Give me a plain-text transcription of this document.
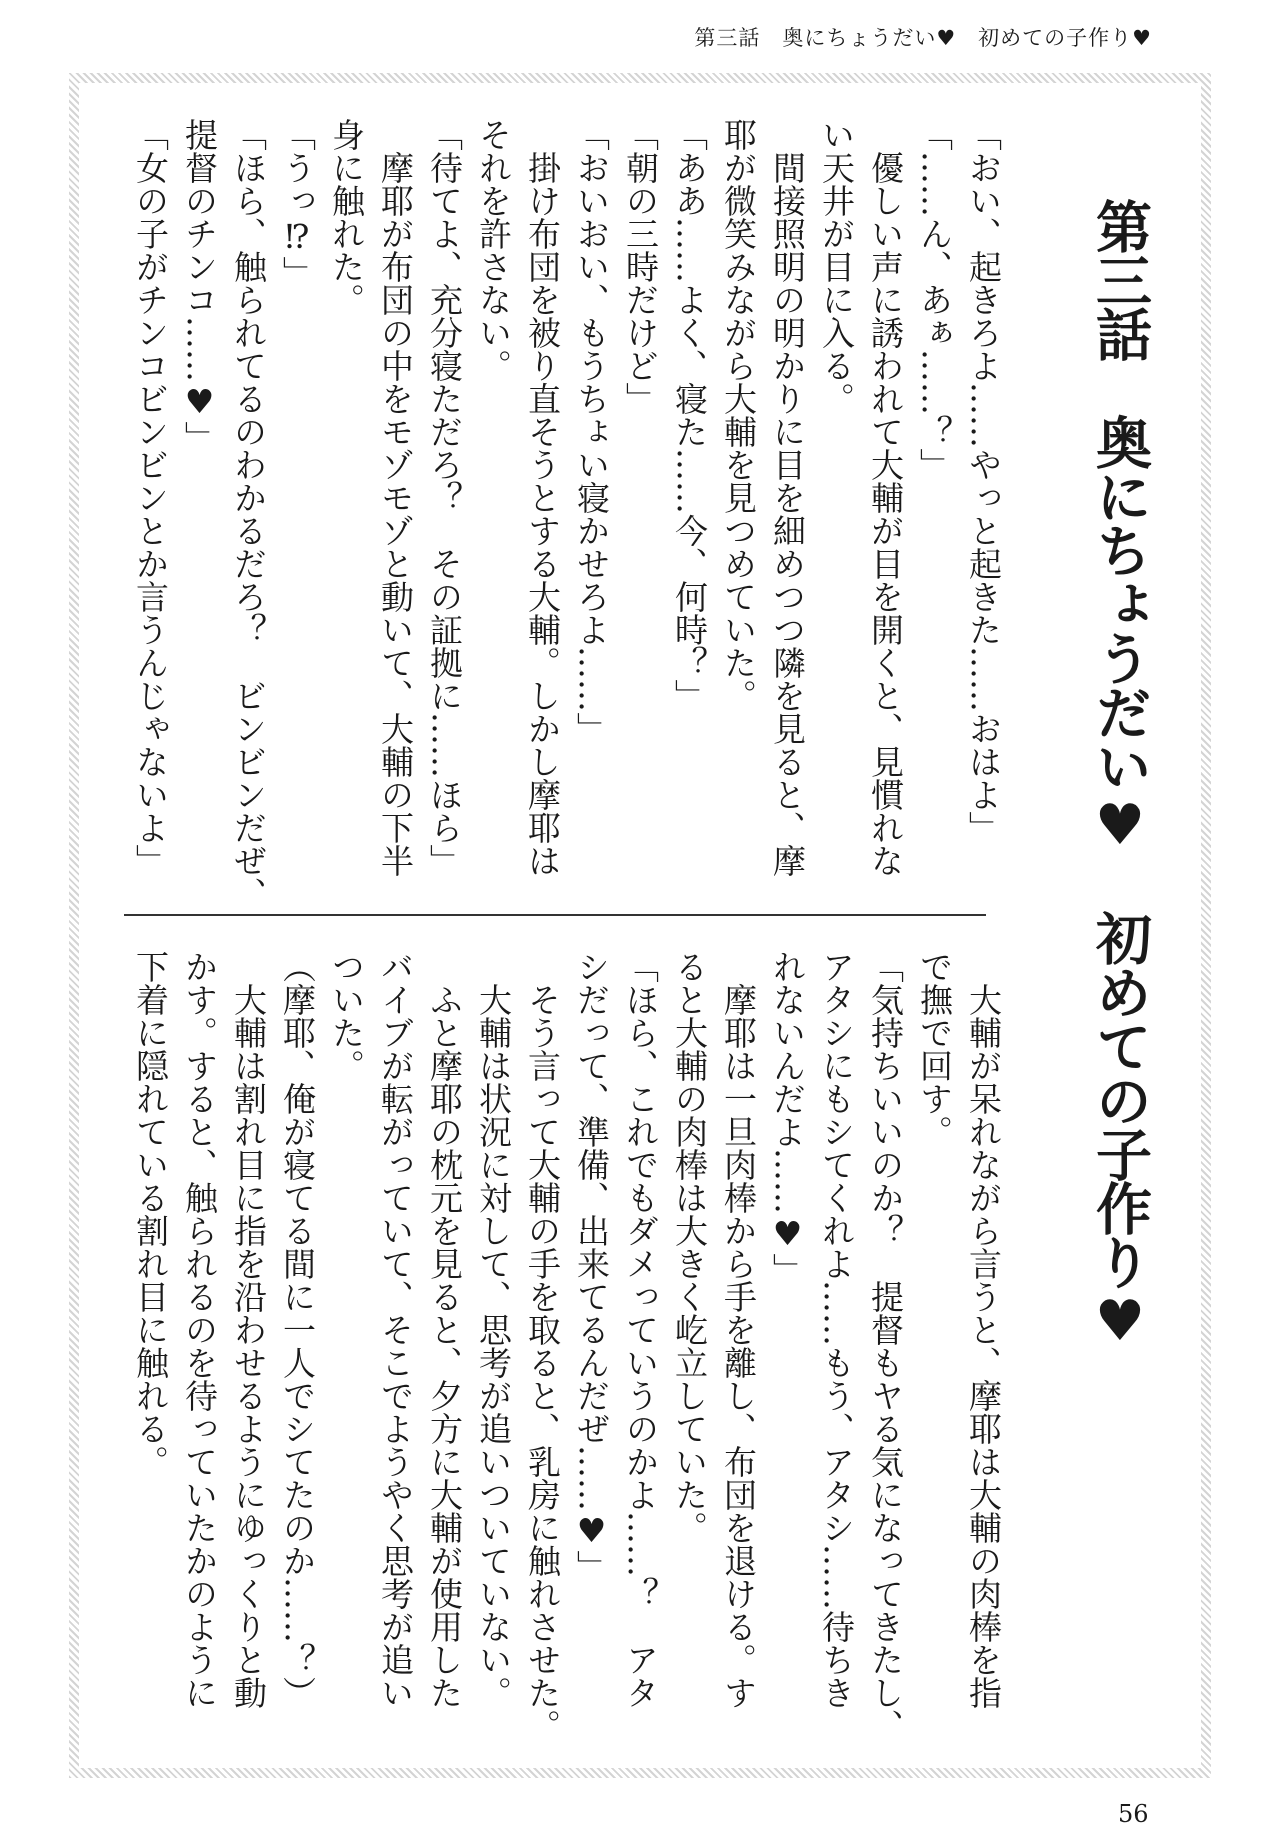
第三話　奥にちょうだい♥　初めての子作り♥
第三話　奥にちょうだい♥　初めての子作り♥
「おい、起きろよ……やっと起きた……おはよ」
「……ん、あぁ……？」
　優しい声に誘われて大輔が目を開くと、見慣れな
い天井が目に入る。
　間接照明の明かりに目を細めつつ隣を見ると、摩
耶が微笑みながら大輔を見つめていた。
「ああ……よく、寝た……今、何時？」
「朝の三時だけど」
「おいおい、もうちょい寝かせろよ……」
　掛け布団を被り直そうとする大輔。しかし摩耶は
それを許さない。
「待てよ、充分寝ただろ？　その証拠に……ほら」
　摩耶が布団の中をモゾモゾと動いて、大輔の下半
身に触れた。
「うっ⁉」
「ほら、触られてるのわかるだろ？　ビンビンだぜ、
提督のチンコ……♥」
「女の子がチンコビンビンとか言うんじゃないよ」
　大輔が呆れながら言うと、摩耶は大輔の肉棒を指
で撫で回す。
「気持ちいいのか？　提督もヤる気になってきたし、
アタシにもシてくれよ……もう、アタシ……待ちき
れないんだよ……♥」
　摩耶は一旦肉棒から手を離し、布団を退ける。す
ると大輔の肉棒は大きく屹立していた。
「ほら、これでもダメっていうのかよ……？　アタ
シだって、準備、出来てるんだぜ……♥」
　そう言って大輔の手を取ると、乳房に触れさせた。
　大輔は状況に対して、思考が追いついていない。
　ふと摩耶の枕元を見ると、夕方に大輔が使用した
バイブが転がっていて、そこでようやく思考が追い
ついた。
（摩耶、俺が寝てる間に一人でシてたのか……？）
　大輔は割れ目に指を沿わせるようにゆっくりと動
かす。すると、触られるのを待っていたかのように
下着に隠れている割れ目に触れる。
56
